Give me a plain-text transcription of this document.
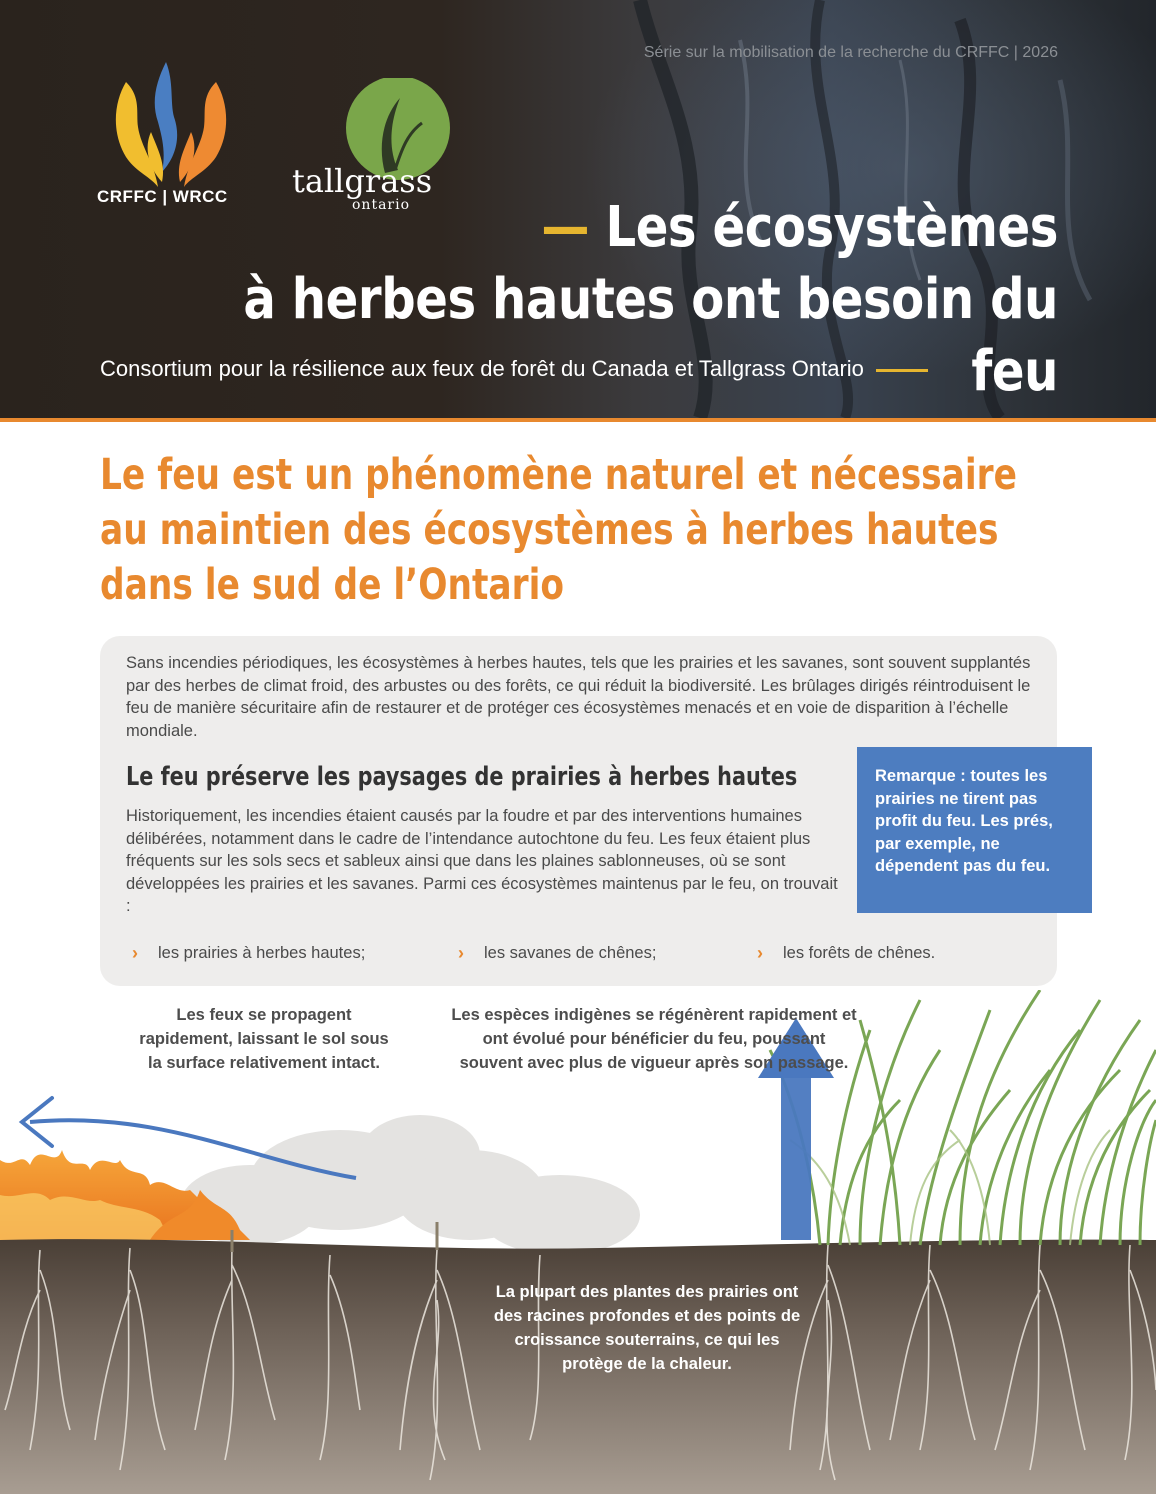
Série sur la mobilisation de la recherche du CRFFC | 2026
CRFFC | WRCC tallgrass
ontario	— Les écosystèmes
à herbes hautes ont besoin du feu
Consortium pour la résilience aux feux de forêt du Canada et Tallgrass Ontario
Le feu est un phénomène naturel et nécessaire
au maintien des écosystèmes à herbes hautes
dans le sud de l’Ontario
Sans incendies périodiques, les écosystèmes à herbes hautes, tels que les prairies et les savanes, sont souvent supplantés par des herbes de climat froid, des arbustes ou des forêts, ce qui réduit la biodiversité. Les brûlages dirigés réintroduisent le feu de manière sécuritaire afin de restaurer et de protéger ces écosystèmes menacés et en voie de disparition à l’échelle mondiale.
Le feu préserve les paysages de prairies à herbes hautes
Historiquement, les incendies étaient causés par la foudre et par des interventions humaines délibérées, notamment dans le cadre de l’intendance autochtone du feu. Les feux étaient plus fréquents sur les sols secs et sableux ainsi que dans les plaines sablonneuses, où se sont développées les prairies et les savanes. Parmi ces écosystèmes maintenus par le feu, on trouvait :
› les prairies à herbes hautes;	› les savanes de chênes;	› les forêts de chênes.
Remarque : toutes les prairies ne tirent pas profit du feu. Les prés, par exemple, ne dépendent pas du feu.
Les feux se propagent rapidement, laissant le sol sous la surface relativement intact.
Les espèces indigènes se régénèrent rapidement et ont évolué pour bénéficier du feu, poussant souvent avec plus de vigueur après son passage.
La plupart des plantes des prairies ont des racines profondes et des points de croissance souterrains, ce qui les protège de la chaleur.
